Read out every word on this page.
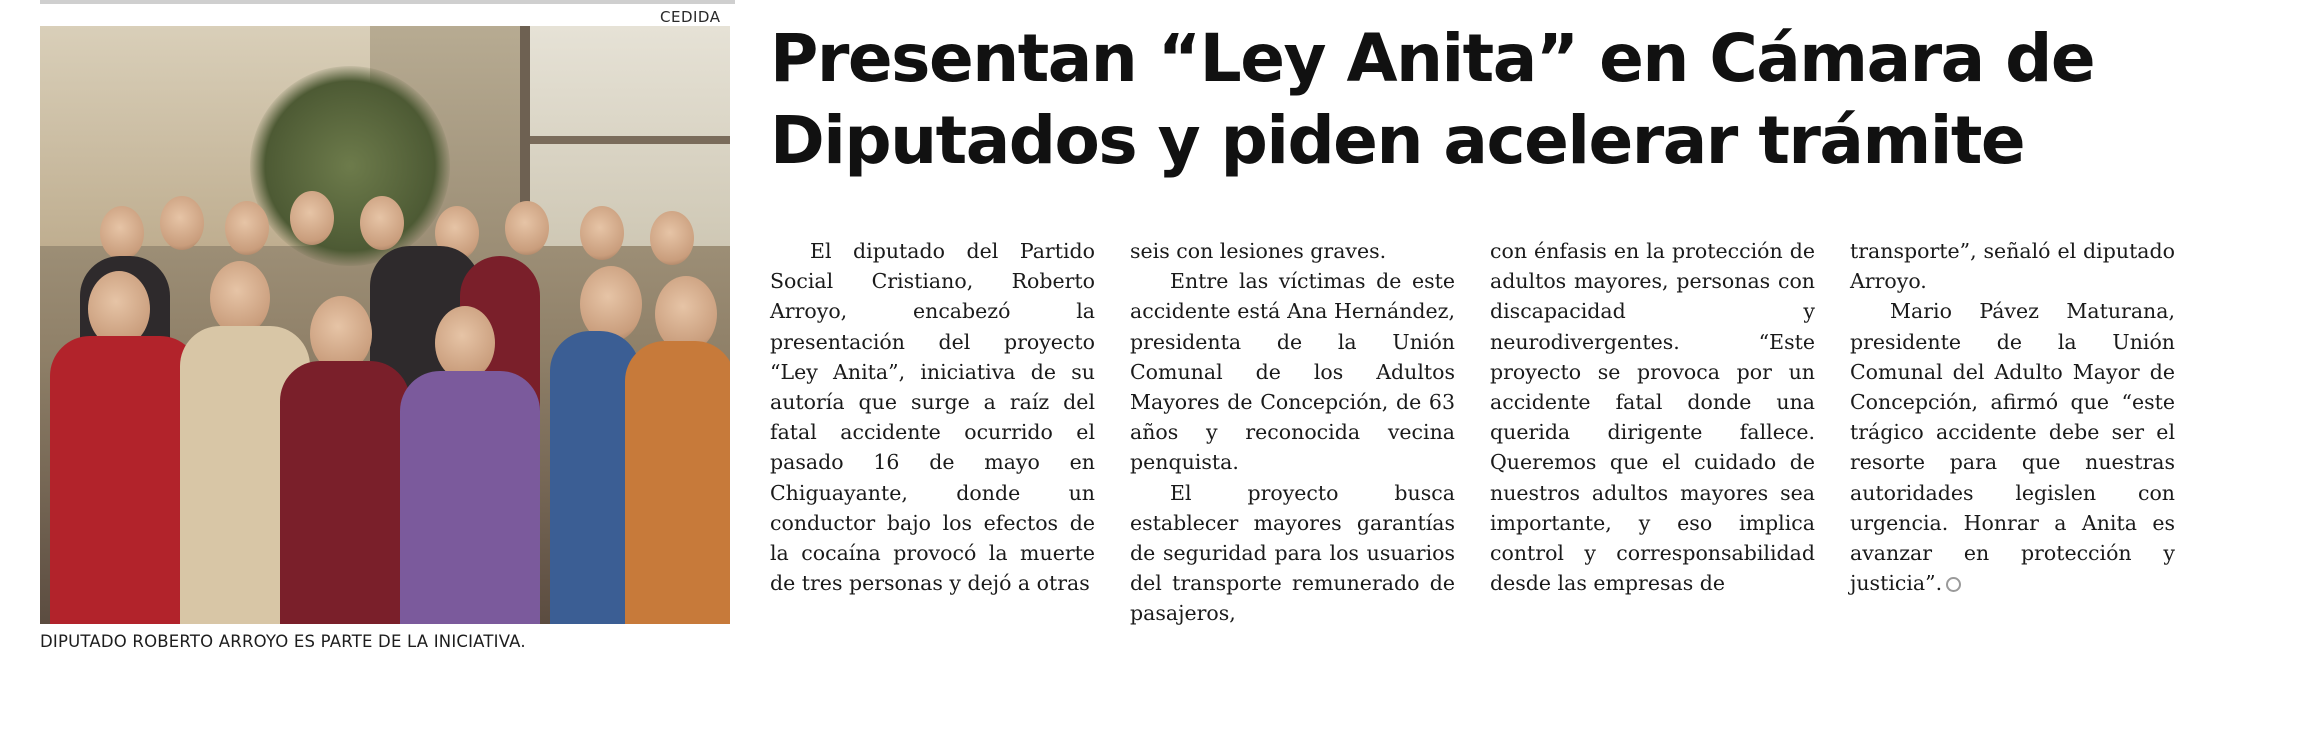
CEDIDA
DIPUTADO ROBERTO ARROYO ES PARTE DE LA INICIATIVA.
Presentan “Ley Anita” en Cámara de
Diputados y piden acelerar trámite

El diputado del Partido Social Cristiano, Roberto Arroyo, encabezó la presentación del proyecto “Ley Anita”, iniciativa de su autoría que surge a raíz del fatal accidente ocurrido el pasado 16 de mayo en Chiguayante, donde un conductor bajo los efectos de la cocaína provocó la muerte de tres personas y dejó a otras

seis con lesiones graves.

Entre las víctimas de este accidente está Ana Hernández, presidenta de la Unión Comunal de los Adultos Mayores de Concepción, de 63 años y reconocida vecina penquista.

El proyecto busca establecer mayores garantías de seguridad para los usuarios del transporte remunerado de pasajeros,

con énfasis en la protección de adultos mayores, personas con discapacidad y neurodivergentes. “Este proyecto se provoca por un accidente fatal donde una querida dirigente fallece. Queremos que el cuidado de nuestros adultos mayores sea importante, y eso implica control y corresponsabilidad desde las empresas de

transporte”, señaló el diputado Arroyo.

Mario Pávez Maturana, presidente de la Unión Comunal del Adulto Mayor de Concepción, afirmó que “este trágico accidente debe ser el resorte para que nuestras autoridades legislen con urgencia. Honrar a Anita es avanzar en protección y justicia”.
